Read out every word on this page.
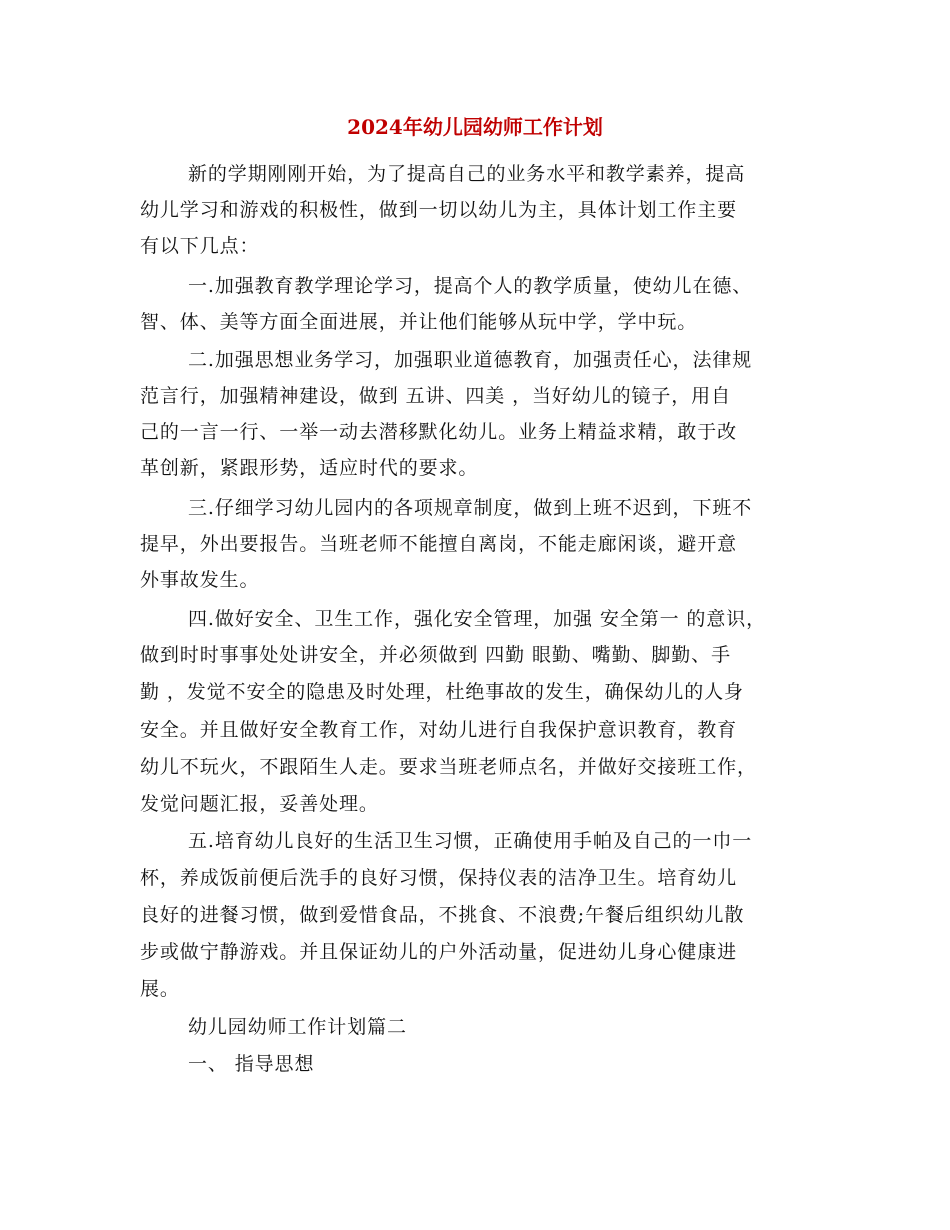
2024年幼儿园幼师工作计划

新的学期刚刚开始，为了提高自己的业务水平和教学素养，提高

幼儿学习和游戏的积极性，做到一切以幼儿为主，具体计划工作主要

有以下几点：

一.加强教育教学理论学习，提高个人的教学质量，使幼儿在德、

智、体、美等方面全面进展，并让他们能够从玩中学，学中玩。

二.加强思想业务学习，加强职业道德教育，加强责任心，法律规

范言行，加强精神建设，做到 五讲、四美 ，当好幼儿的镜子，用自

己的一言一行、一举一动去潜移默化幼儿。业务上精益求精，敢于改

革创新，紧跟形势，适应时代的要求。

三.仔细学习幼儿园内的各项规章制度，做到上班不迟到，下班不

提早，外出要报告。当班老师不能擅自离岗，不能走廊闲谈，避开意

外事故发生。

四.做好安全、卫生工作，强化安全管理，加强 安全第一 的意识，

做到时时事事处处讲安全，并必须做到 四勤 眼勤、嘴勤、脚勤、手

勤 ，发觉不安全的隐患及时处理，杜绝事故的发生，确保幼儿的人身

安全。并且做好安全教育工作，对幼儿进行自我保护意识教育，教育

幼儿不玩火，不跟陌生人走。要求当班老师点名，并做好交接班工作，

发觉问题汇报，妥善处理。

五.培育幼儿良好的生活卫生习惯，正确使用手帕及自己的一巾一

杯，养成饭前便后洗手的良好习惯，保持仪表的洁净卫生。培育幼儿

良好的进餐习惯，做到爱惜食品，不挑食、不浪费;午餐后组织幼儿散

步或做宁静游戏。并且保证幼儿的户外活动量，促进幼儿身心健康进

展。

幼儿园幼师工作计划篇二

一、 指导思想
